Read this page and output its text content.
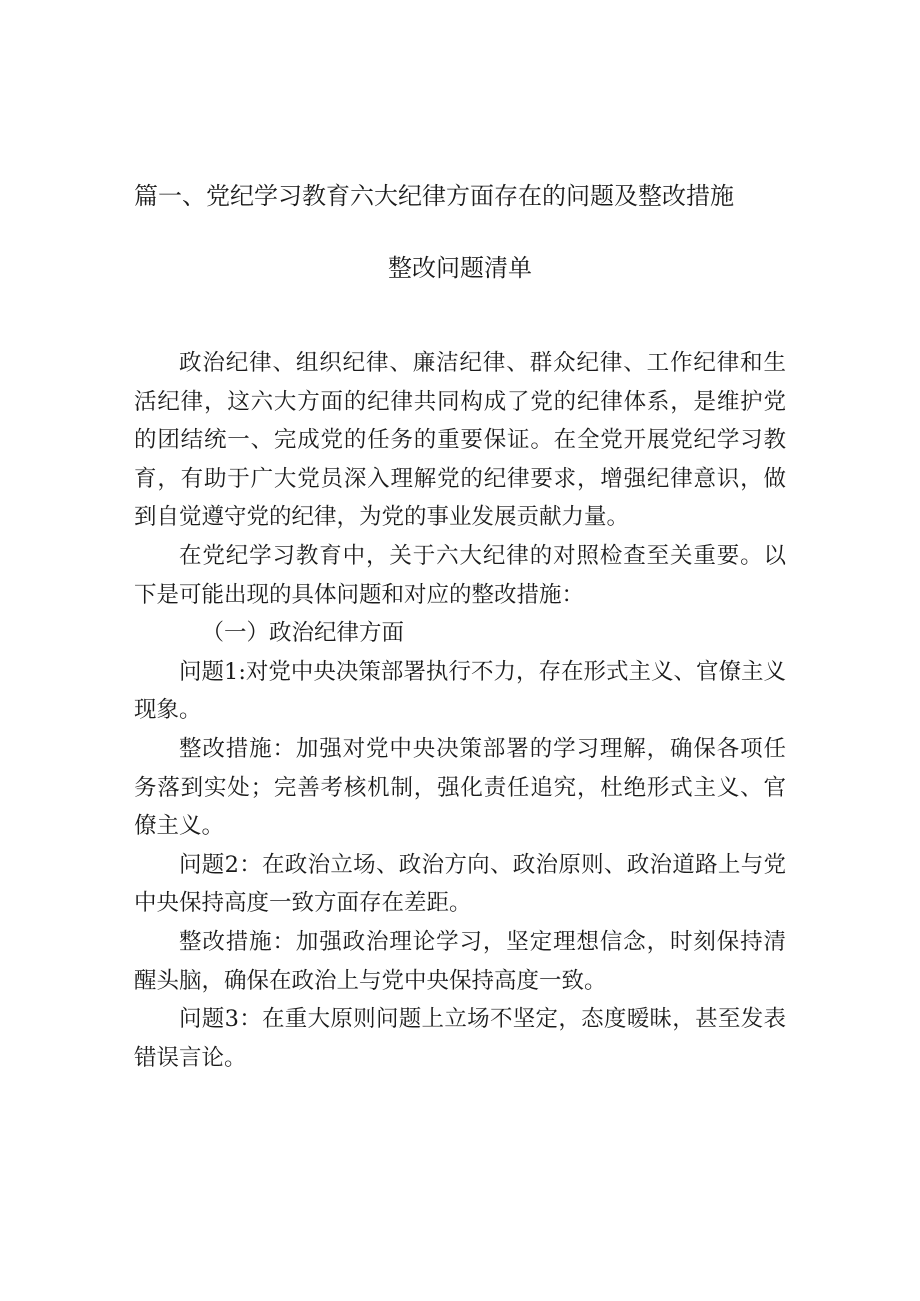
篇一、党纪学习教育六大纪律方面存在的问题及整改措施
整改问题清单

政治纪律、组织纪律、廉洁纪律、群众纪律、工作纪律和生活纪律，这六大方面的纪律共同构成了党的纪律体系，是维护党的团结统一、完成党的任务的重要保证。在全党开展党纪学习教育，有助于广大党员深入理解党的纪律要求，增强纪律意识，做到自觉遵守党的纪律，为党的事业发展贡献力量。

在党纪学习教育中，关于六大纪律的对照检查至关重要。以下是可能出现的具体问题和对应的整改措施：

（一）政治纪律方面

问题1:对党中央决策部署执行不力，存在形式主义、官僚主义现象。

整改措施：加强对党中央决策部署的学习理解，确保各项任务落到实处；完善考核机制，强化责任追究，杜绝形式主义、官僚主义。

问题2：在政治立场、政治方向、政治原则、政治道路上与党中央保持高度一致方面存在差距。

整改措施：加强政治理论学习，坚定理想信念，时刻保持清醒头脑，确保在政治上与党中央保持高度一致。

问题3：在重大原则问题上立场不坚定，态度暧昧，甚至发表错误言论。
